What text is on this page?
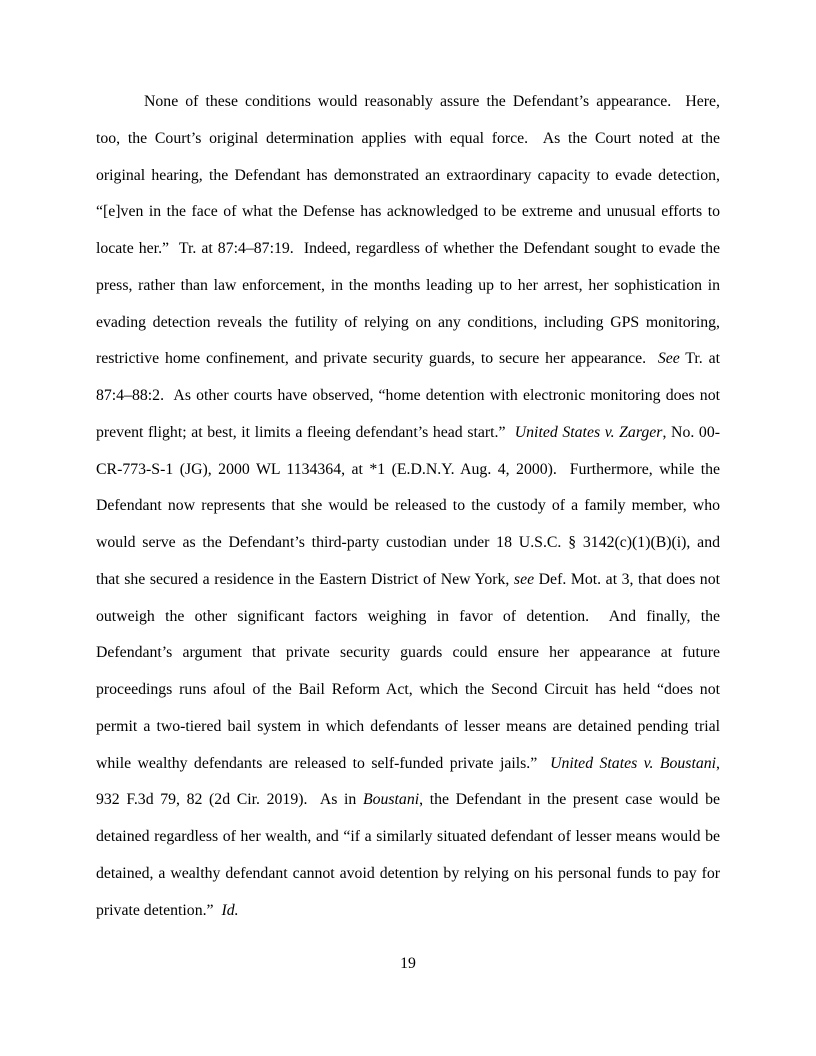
None of these conditions would reasonably assure the Defendant’s appearance.  Here,
too, the Court’s original determination applies with equal force.  As the Court noted at the
original hearing, the Defendant has demonstrated an extraordinary capacity to evade detection,
“[e]ven in the face of what the Defense has acknowledged to be extreme and unusual efforts to
locate her.”  Tr. at 87:4–87:19.  Indeed, regardless of whether the Defendant sought to evade the
press, rather than law enforcement, in the months leading up to her arrest, her sophistication in
evading detection reveals the futility of relying on any conditions, including GPS monitoring,
restrictive home confinement, and private security guards, to secure her appearance.  See Tr. at
87:4–88:2.  As other courts have observed, “home detention with electronic monitoring does not
prevent flight; at best, it limits a fleeing defendant’s head start.”  United States v. Zarger, No. 00-
CR-773-S-1 (JG), 2000 WL 1134364, at *1 (E.D.N.Y. Aug. 4, 2000).  Furthermore, while the
Defendant now represents that she would be released to the custody of a family member, who
would serve as the Defendant’s third-party custodian under 18 U.S.C. § 3142(c)(1)(B)(i), and
that she secured a residence in the Eastern District of New York, see Def. Mot. at 3, that does not
outweigh the other significant factors weighing in favor of detention.  And finally, the
Defendant’s argument that private security guards could ensure her appearance at future
proceedings runs afoul of the Bail Reform Act, which the Second Circuit has held “does not
permit a two-tiered bail system in which defendants of lesser means are detained pending trial
while wealthy defendants are released to self-funded private jails.”  United States v. Boustani,
932 F.3d 79, 82 (2d Cir. 2019).  As in Boustani, the Defendant in the present case would be
detained regardless of her wealth, and “if a similarly situated defendant of lesser means would be
detained, a wealthy defendant cannot avoid detention by relying on his personal funds to pay for
private detention.”  Id.
19
